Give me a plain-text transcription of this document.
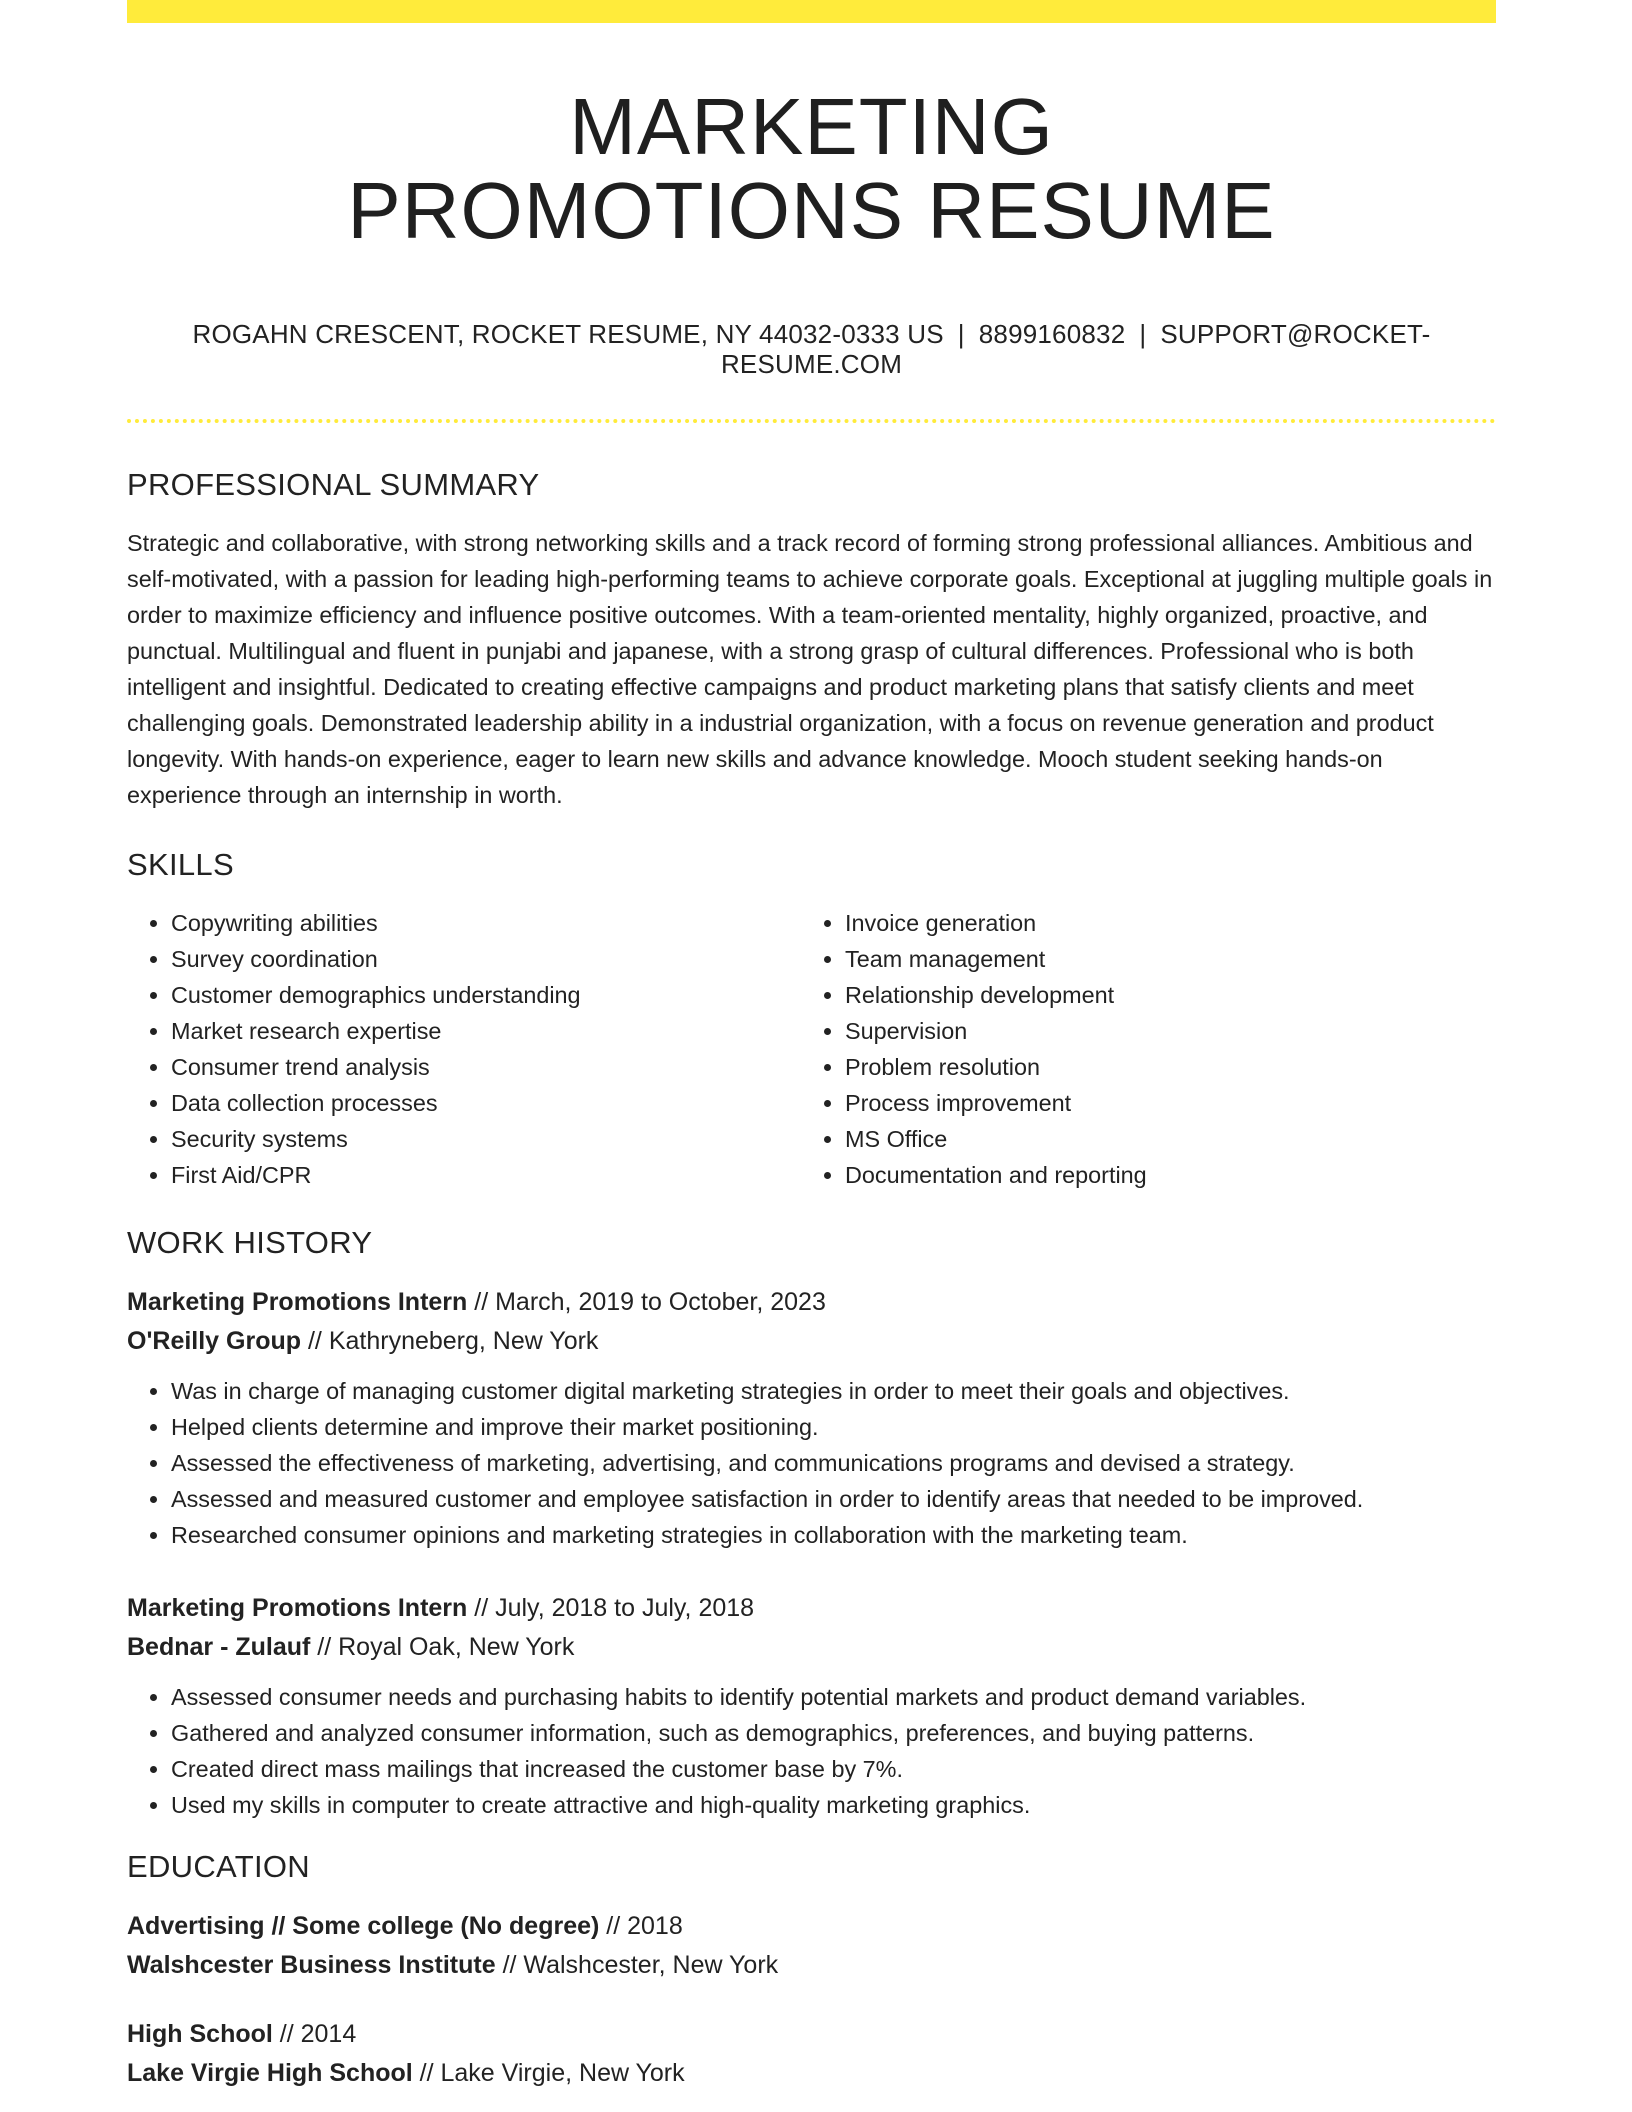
MARKETING
PROMOTIONS RESUME
ROGAHN CRESCENT, ROCKET RESUME, NY 44032-0333 US | 8899160832 | SUPPORT@ROCKET-RESUME.COM
PROFESSIONAL SUMMARY

Strategic and collaborative, with strong networking skills and a track record of forming strong professional alliances. Ambitious and self-motivated, with a passion for leading high-performing teams to achieve corporate goals. Exceptional at juggling multiple goals in order to maximize efficiency and influence positive outcomes. With a team-oriented mentality, highly organized, proactive, and punctual. Multilingual and fluent in punjabi and japanese, with a strong grasp of cultural differences. Professional who is both intelligent and insightful. Dedicated to creating effective campaigns and product marketing plans that satisfy clients and meet challenging goals. Demonstrated leadership ability in a industrial organization, with a focus on revenue generation and product longevity. With hands-on experience, eager to learn new skills and advance knowledge. Mooch student seeking hands-on experience through an internship in worth.

SKILLS
• Copywriting abilities
• Survey coordination
• Customer demographics understanding
• Market research expertise
• Consumer trend analysis
• Data collection processes
• Security systems
• First Aid/CPR
• Invoice generation
• Team management
• Relationship development
• Supervision
• Problem resolution
• Process improvement
• MS Office
• Documentation and reporting
WORK HISTORY
Marketing Promotions Intern // March, 2019 to October, 2023
O'Reilly Group // Kathryneberg, New York
• Was in charge of managing customer digital marketing strategies in order to meet their goals and objectives.
• Helped clients determine and improve their market positioning.
• Assessed the effectiveness of marketing, advertising, and communications programs and devised a strategy.
• Assessed and measured customer and employee satisfaction in order to identify areas that needed to be improved.
• Researched consumer opinions and marketing strategies in collaboration with the marketing team.
Marketing Promotions Intern // July, 2018 to July, 2018
Bednar - Zulauf // Royal Oak, New York
• Assessed consumer needs and purchasing habits to identify potential markets and product demand variables.
• Gathered and analyzed consumer information, such as demographics, preferences, and buying patterns.
• Created direct mass mailings that increased the customer base by 7%.
• Used my skills in computer to create attractive and high-quality marketing graphics.
EDUCATION
Advertising // Some college (No degree) // 2018
Walshcester Business Institute // Walshcester, New York
High School // 2014
Lake Virgie High School // Lake Virgie, New York
